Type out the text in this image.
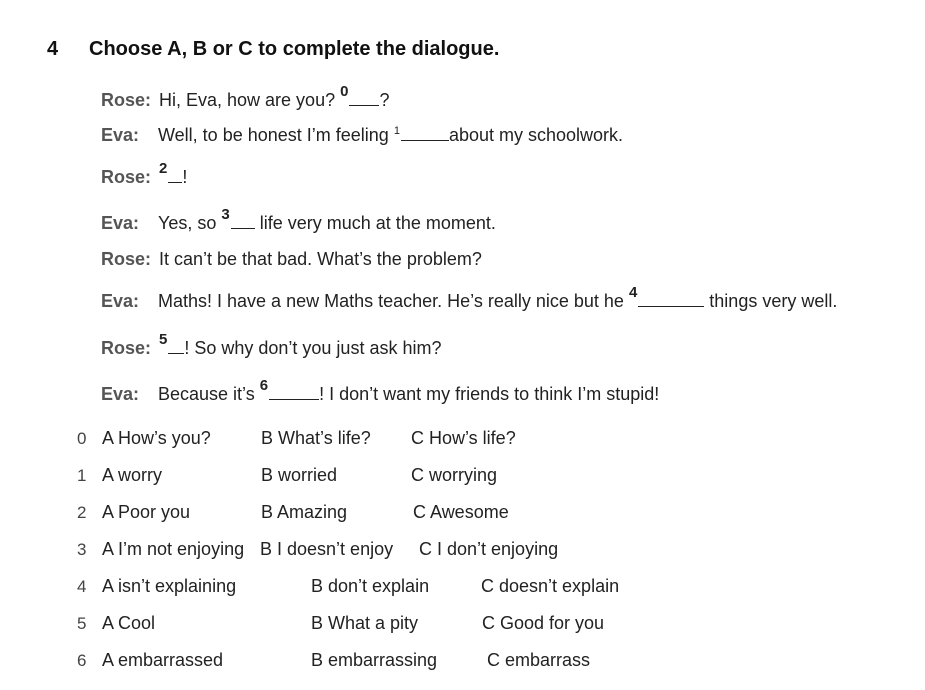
4 Choose A, B or C to complete the dialogue.
Rose: Hi, Eva, how are you? $^0$ ?
Eva: Well, to be honest I’m feeling $^1$	about my schoolwork.
Rose: $^2$ !
Eva: Yes, so $^3$ life very much at the moment.
Rose: It can’t be that bad. What’s the problem?
Eva: Maths! I have a new Maths teacher. He’s really nice but he $^4$	things very well.
Rose: $^5$ ! So why don’t you just ask him?
Eva: Because it’s $^6$	! I don’t want my friends to think I’m stupid!
0 A How’s you?	B What’s life? C How’s life?
1 A worry	B worried	C worrying
2 A Poor you	B Amazing	C Awesome
3 A I’m not enjoying B I doesn’t enjoy C I don’t enjoying
4 A isn’t explaining	B don’t explain	C doesn’t explain
5 A Cool	B What a pity	C Good for you
6 A embarrassed	B embarrassing	C embarrass
